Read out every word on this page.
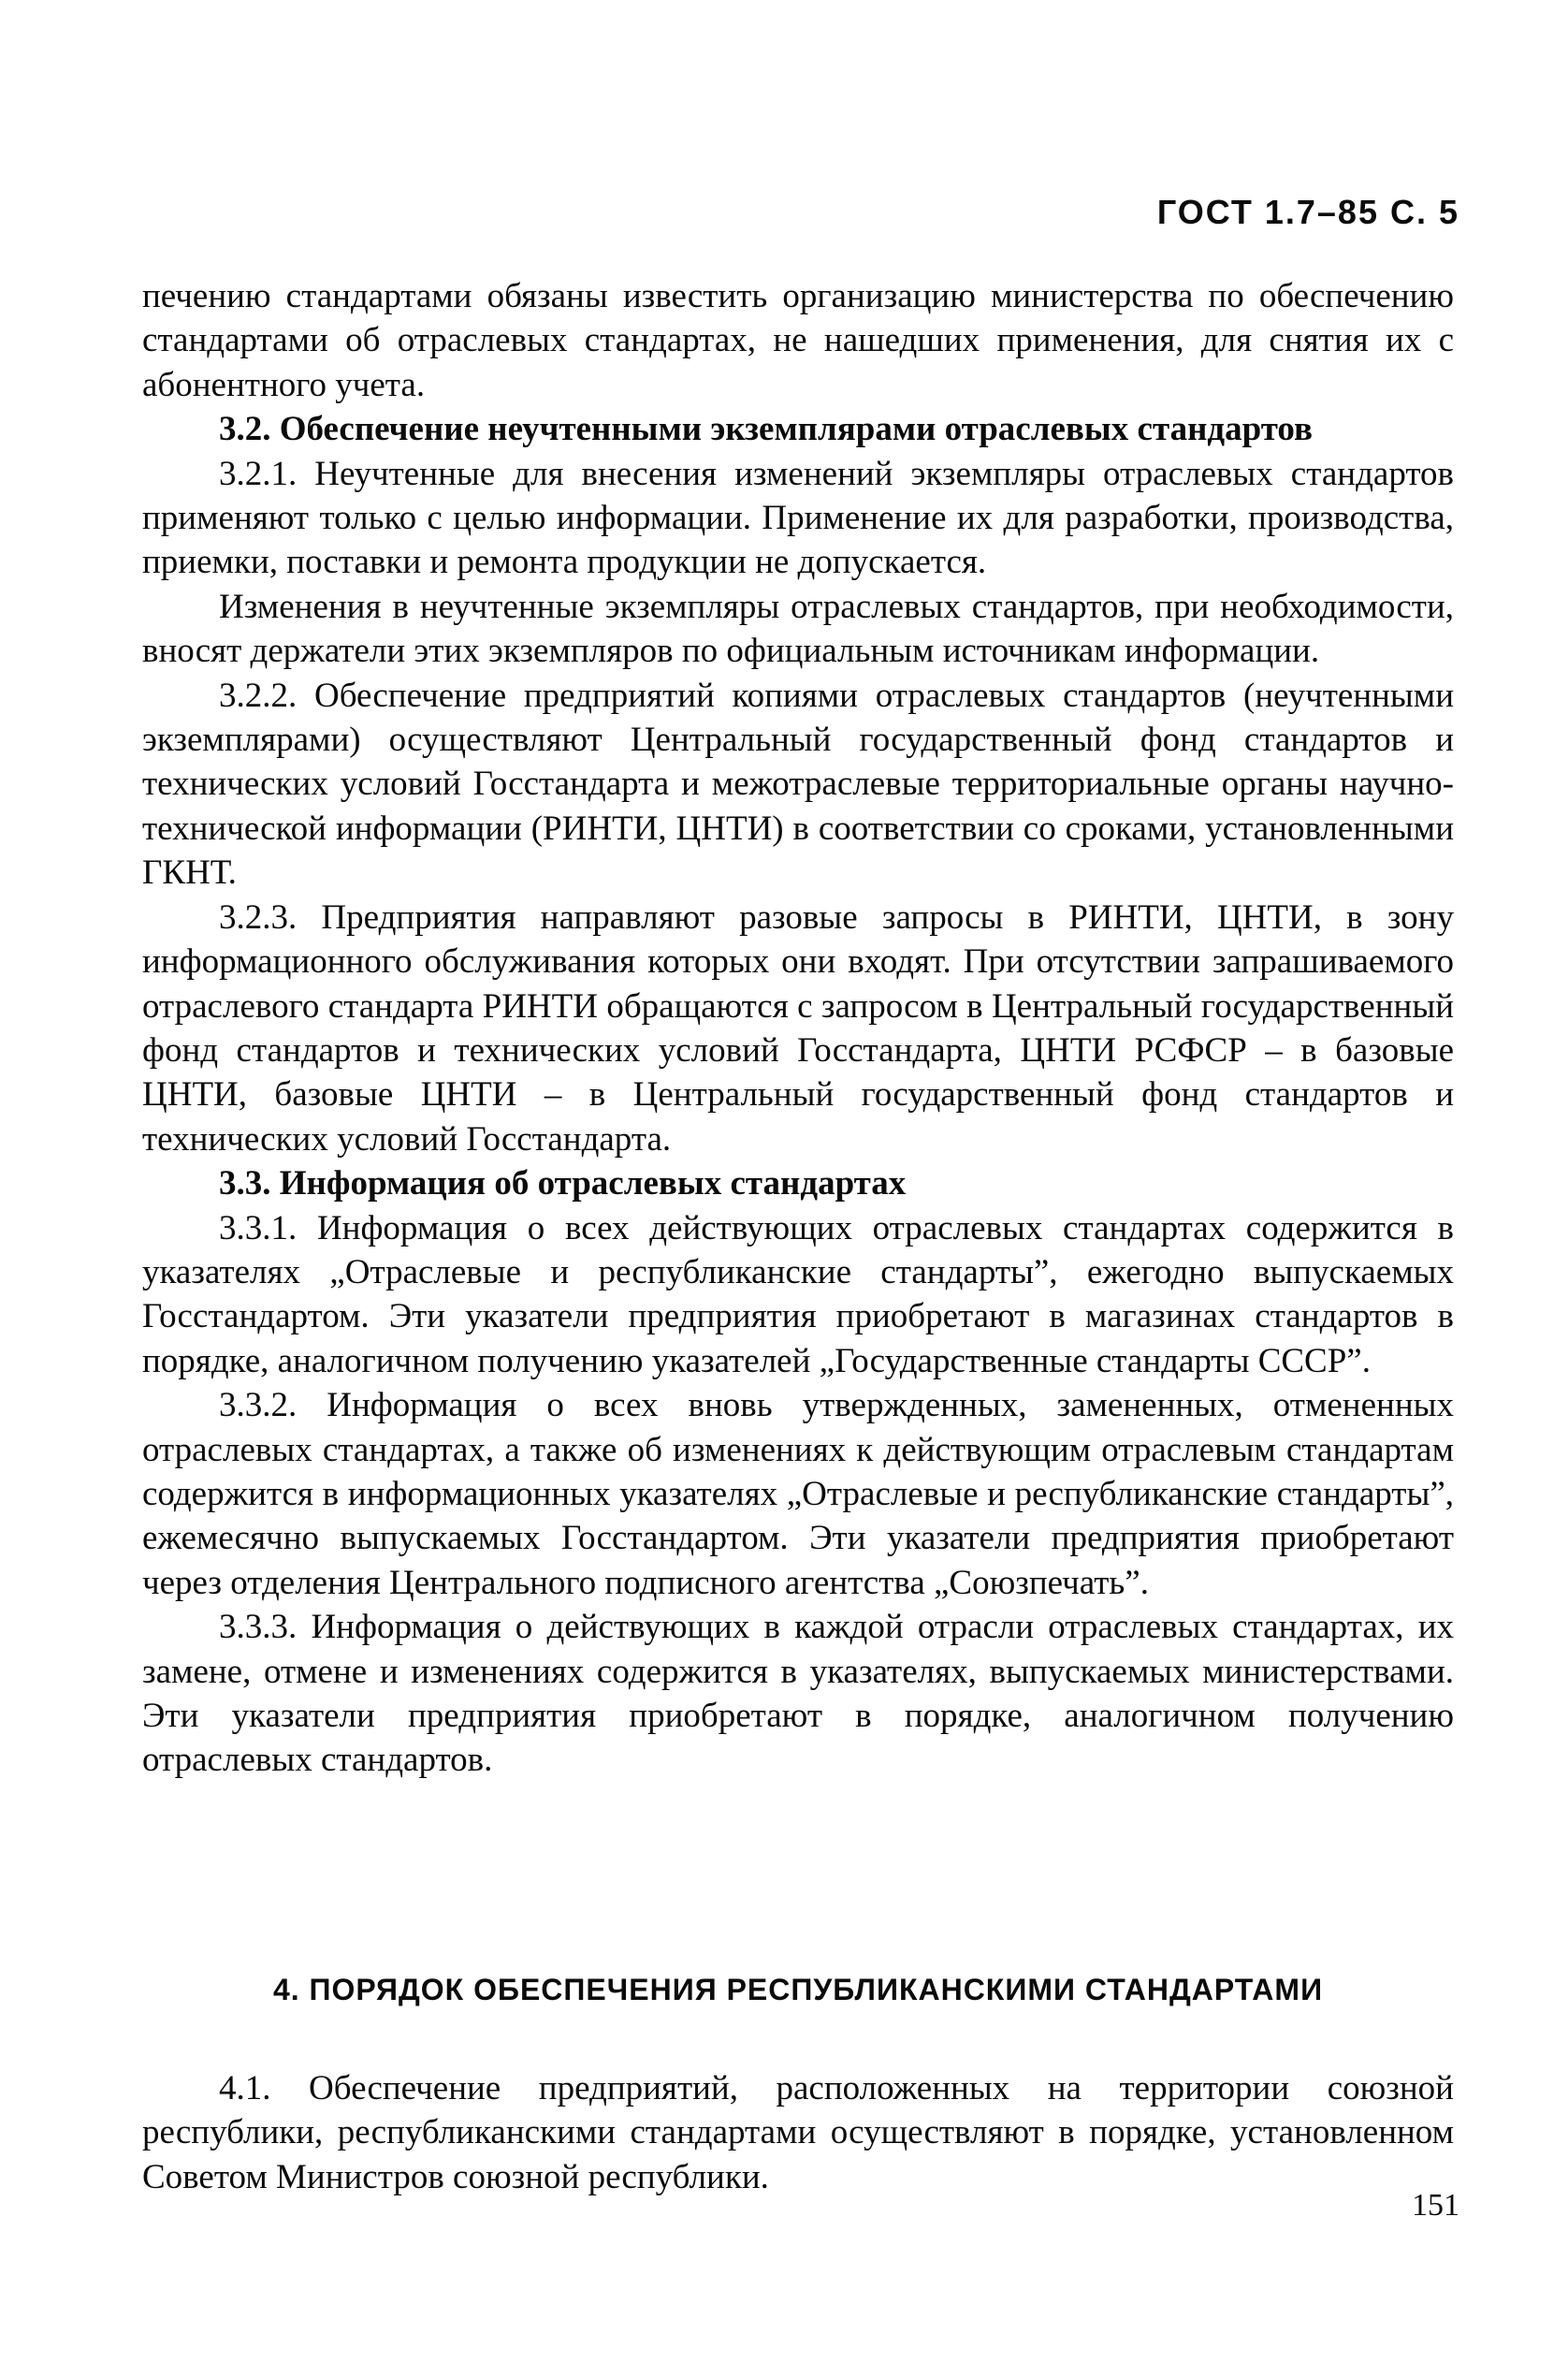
ГОСТ 1.7–85 С. 5

печению стандартами обязаны известить организацию министерства по обеспечению стандартами об отраслевых стандартах, не нашедших применения, для снятия их с абонентного учета.

3.2. Обеспечение неучтенными экземплярами отраслевых стандартов

3.2.1. Неучтенные для внесения изменений экземпляры отраслевых стандартов применяют только с целью информации. Применение их для разработки, производства, приемки, поставки и ремонта продукции не допускается.

Изменения в неучтенные экземпляры отраслевых стандартов, при необходимости, вносят держатели этих экземпляров по официальным источникам информации.

3.2.2. Обеспечение предприятий копиями отраслевых стандартов (неучтенными экземплярами) осуществляют Центральный государственный фонд стандартов и технических условий Госстандарта и межотраслевые территориальные органы научно-технической информации (РИНТИ, ЦНТИ) в соответствии со сроками, установленными ГКНТ.

3.2.3. Предприятия направляют разовые запросы в РИНТИ, ЦНТИ, в зону информационного обслуживания которых они входят. При отсутствии запрашиваемого отраслевого стандарта РИНТИ обращаются с запросом в Центральный государственный фонд стандартов и технических условий Госстандарта, ЦНТИ РСФСР – в базовые ЦНТИ, базовые ЦНТИ – в Центральный государственный фонд стандартов и технических условий Госстандарта.

3.3. Информация об отраслевых стандартах

3.3.1. Информация о всех действующих отраслевых стандартах содержится в указателях „Отраслевые и республиканские стандарты”, ежегодно выпускаемых Госстандартом. Эти указатели предприятия приобретают в магазинах стандартов в порядке, аналогичном получению указателей „Государственные стандарты СССР”.

3.3.2. Информация о всех вновь утвержденных, замененных, отмененных отраслевых стандартах, а также об изменениях к действующим отраслевым стандартам содержится в информационных указателях „Отраслевые и республиканские стандарты”, ежемесячно выпускаемых Госстандартом. Эти указатели предприятия приобретают через отделения Центрального подписного агентства „Союзпечать”.

3.3.3. Информация о действующих в каждой отрасли отраслевых стандартах, их замене, отмене и изменениях содержится в указателях, выпускаемых министерствами. Эти указатели предприятия приобретают в порядке, аналогичном получению отраслевых стандартов.

4. ПОРЯДОК ОБЕСПЕЧЕНИЯ РЕСПУБЛИКАНСКИМИ СТАНДАРТАМИ

4.1. Обеспечение предприятий, расположенных на территории союзной республики, республиканскими стандартами осуществляют в порядке, установленном Советом Министров союзной республики.

151
